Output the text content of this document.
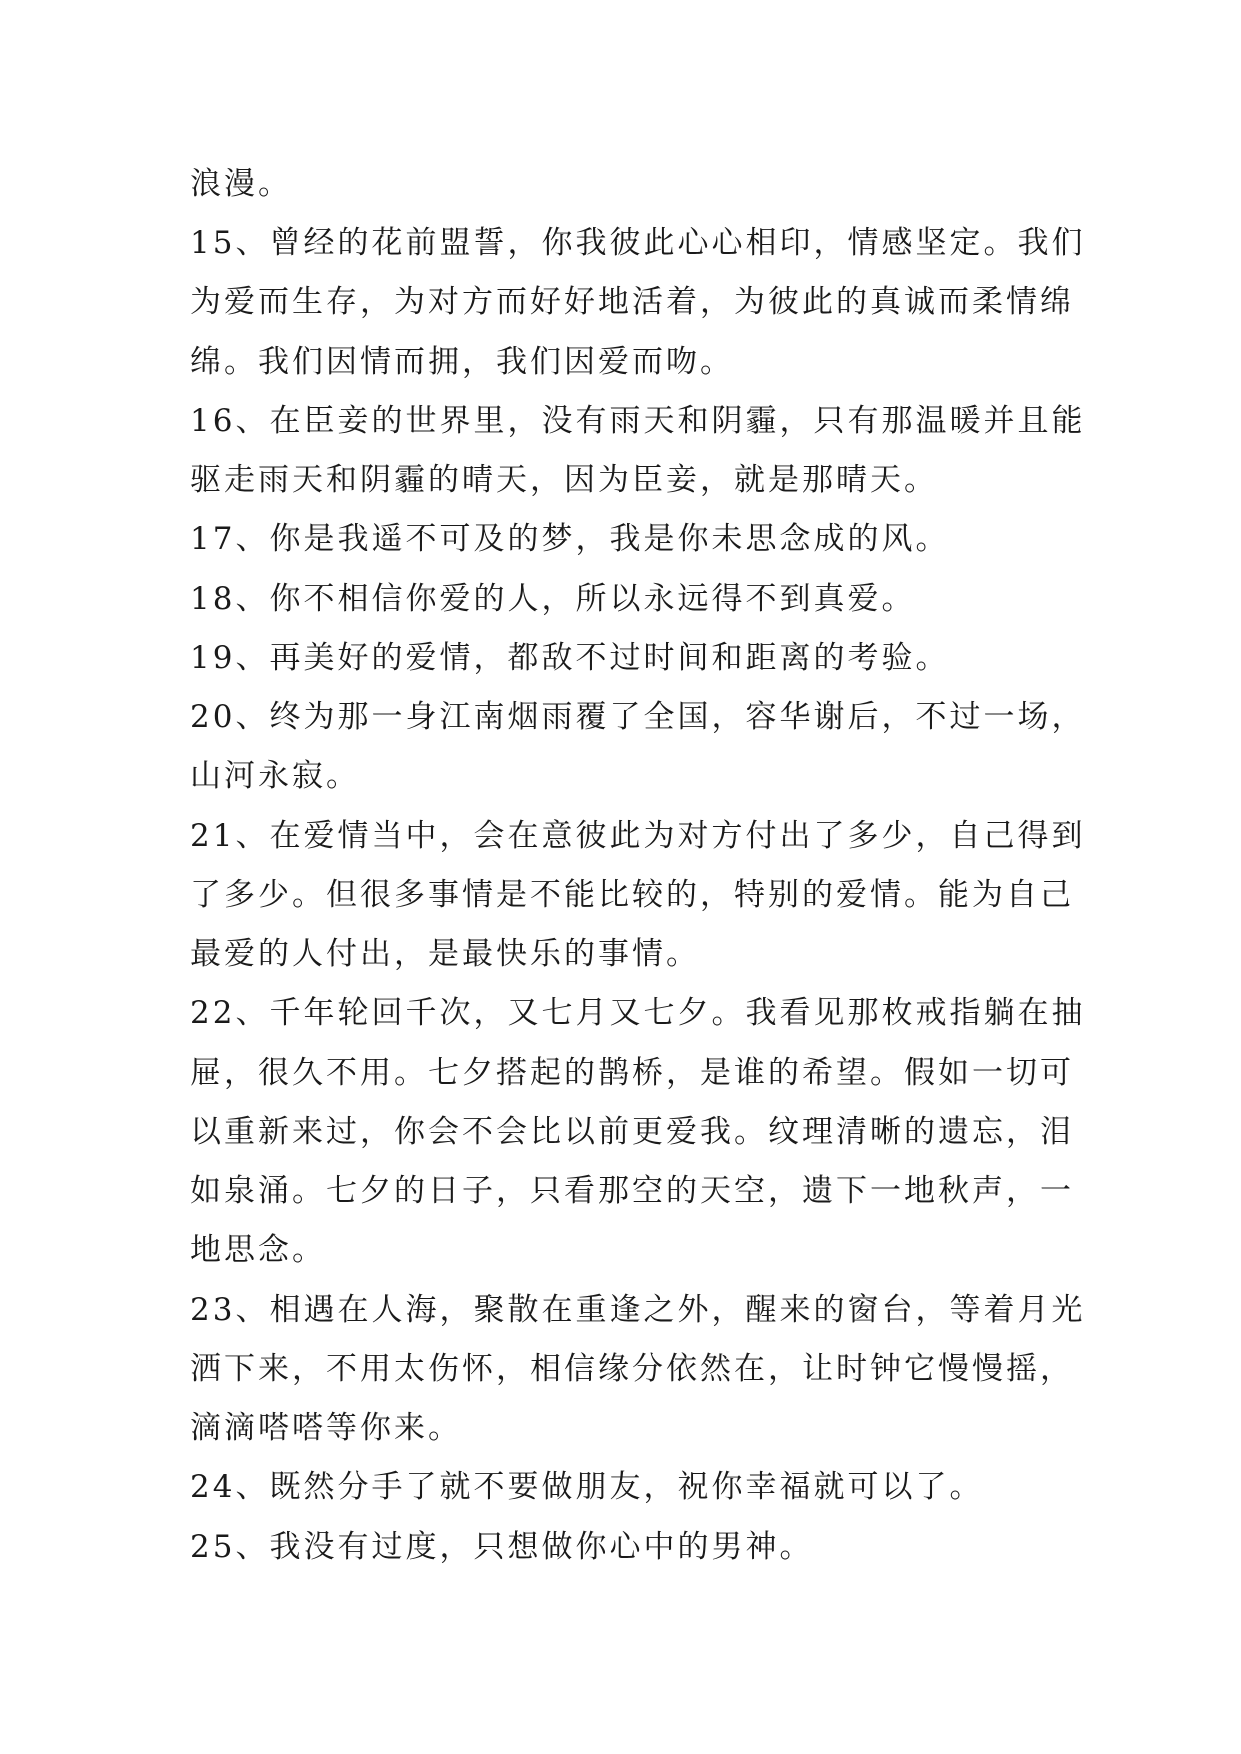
浪漫。
15、曾经的花前盟誓，你我彼此心心相印，情感坚定。我们
为爱而生存，为对方而好好地活着，为彼此的真诚而柔情绵
绵。我们因情而拥，我们因爱而吻。
16、在臣妾的世界里，没有雨天和阴霾，只有那温暖并且能
驱走雨天和阴霾的晴天，因为臣妾，就是那晴天。
17、你是我遥不可及的梦，我是你未思念成的风。
18、你不相信你爱的人，所以永远得不到真爱。
19、再美好的爱情，都敌不过时间和距离的考验。
20、终为那一身江南烟雨覆了全国，容华谢后，不过一场，
山河永寂。
21、在爱情当中，会在意彼此为对方付出了多少，自己得到
了多少。但很多事情是不能比较的，特别的爱情。能为自己
最爱的人付出，是最快乐的事情。
22、千年轮回千次，又七月又七夕。我看见那枚戒指躺在抽
屉，很久不用。七夕搭起的鹊桥，是谁的希望。假如一切可
以重新来过，你会不会比以前更爱我。纹理清晰的遗忘，泪
如泉涌。七夕的日子，只看那空的天空，遗下一地秋声，一
地思念。
23、相遇在人海，聚散在重逢之外，醒来的窗台，等着月光
洒下来，不用太伤怀，相信缘分依然在，让时钟它慢慢摇，
滴滴嗒嗒等你来。
24、既然分手了就不要做朋友，祝你幸福就可以了。
25、我没有过度，只想做你心中的男神。
